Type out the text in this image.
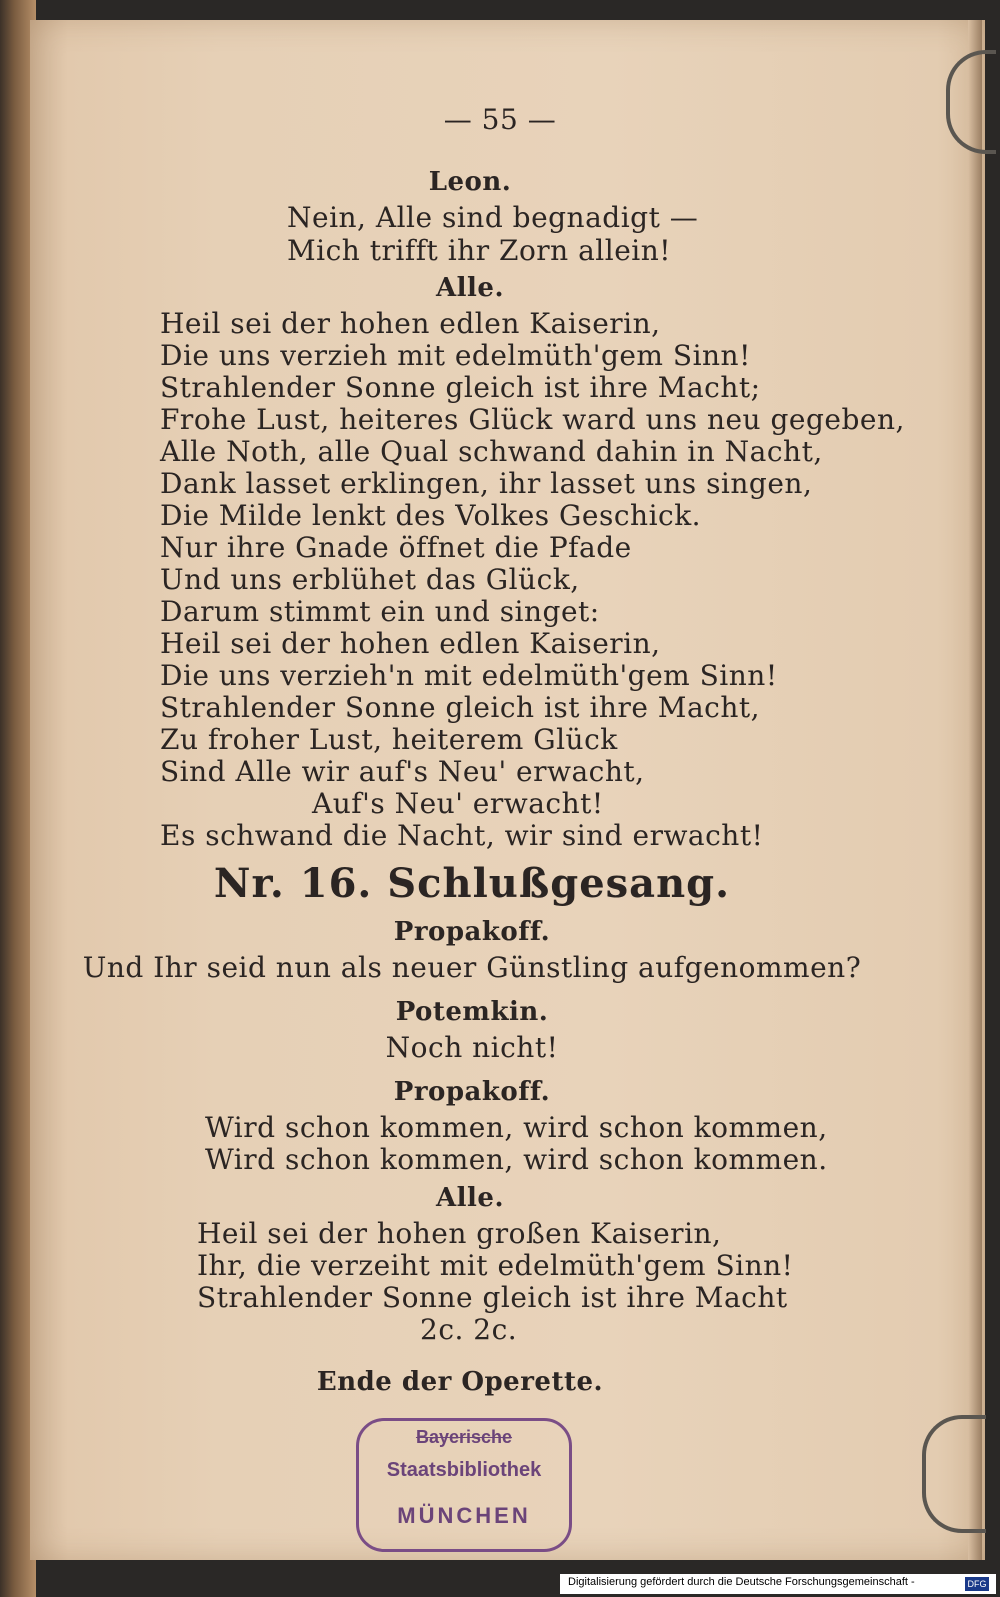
— 55 —
Leon.
Nein, Alle sind begnadigt —
Mich trifft ihr Zorn allein!
Alle.
Heil sei der hohen edlen Kaiserin,
Die uns verzieh mit edelmüth'gem Sinn!
Strahlender Sonne gleich ist ihre Macht;
Frohe Lust, heiteres Glück ward uns neu gegeben,
Alle Noth, alle Qual schwand dahin in Nacht,
Dank lasset erklingen, ihr lasset uns singen,
Die Milde lenkt des Volkes Geschick.
Nur ihre Gnade öffnet die Pfade
Und uns erblühet das Glück,
Darum stimmt ein und singet:
Heil sei der hohen edlen Kaiserin,
Die uns verzieh'n mit edelmüth'gem Sinn!
Strahlender Sonne gleich ist ihre Macht,
Zu froher Lust, heiterem Glück
Sind Alle wir auf's Neu' erwacht,
Auf's Neu' erwacht!
Es schwand die Nacht, wir sind erwacht!
Nr. 16. Schlußgesang.
Propakoff.
Und Ihr seid nun als neuer Günstling aufgenommen?
Potemkin.
Noch nicht!
Propakoff.
Wird schon kommen, wird schon kommen,
Wird schon kommen, wird schon kommen.
Alle.
Heil sei der hohen großen Kaiserin,
Ihr, die verzeiht mit edelmüth'gem Sinn!
Strahlender Sonne gleich ist ihre Macht
2c. 2c.
Ende der Operette.
Bayerische
Staatsbibliothek
MÜNCHEN
Digitalisierung gefördert durch die Deutsche Forschungsgemeinschaft -	DFG
